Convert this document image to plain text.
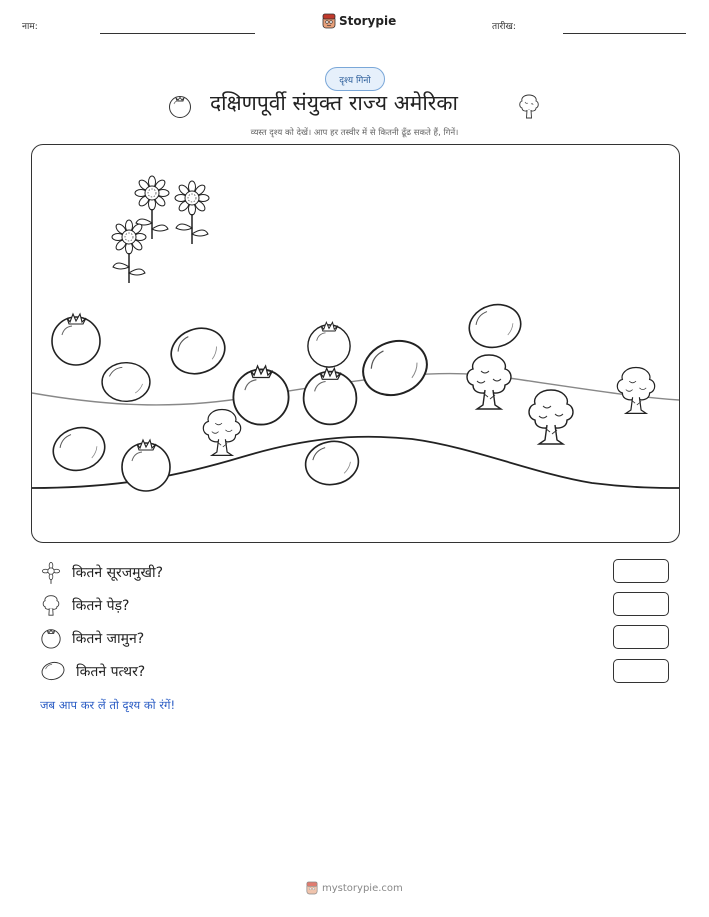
नाम:	Storypie	तारीख:
दृश्य गिनो
दक्षिणपूर्वी संयुक्त राज्य अमेरिका
व्यस्त दृश्य को देखें। आप हर तस्वीर में से कितनी ढूँढ सकते हैं, गिनें।
कितने सूरजमुखी?
कितने पेड़?
कितने जामुन?
कितने पत्थर?
जब आप कर लें तो दृश्य को रंगें!
mystorypie.com
